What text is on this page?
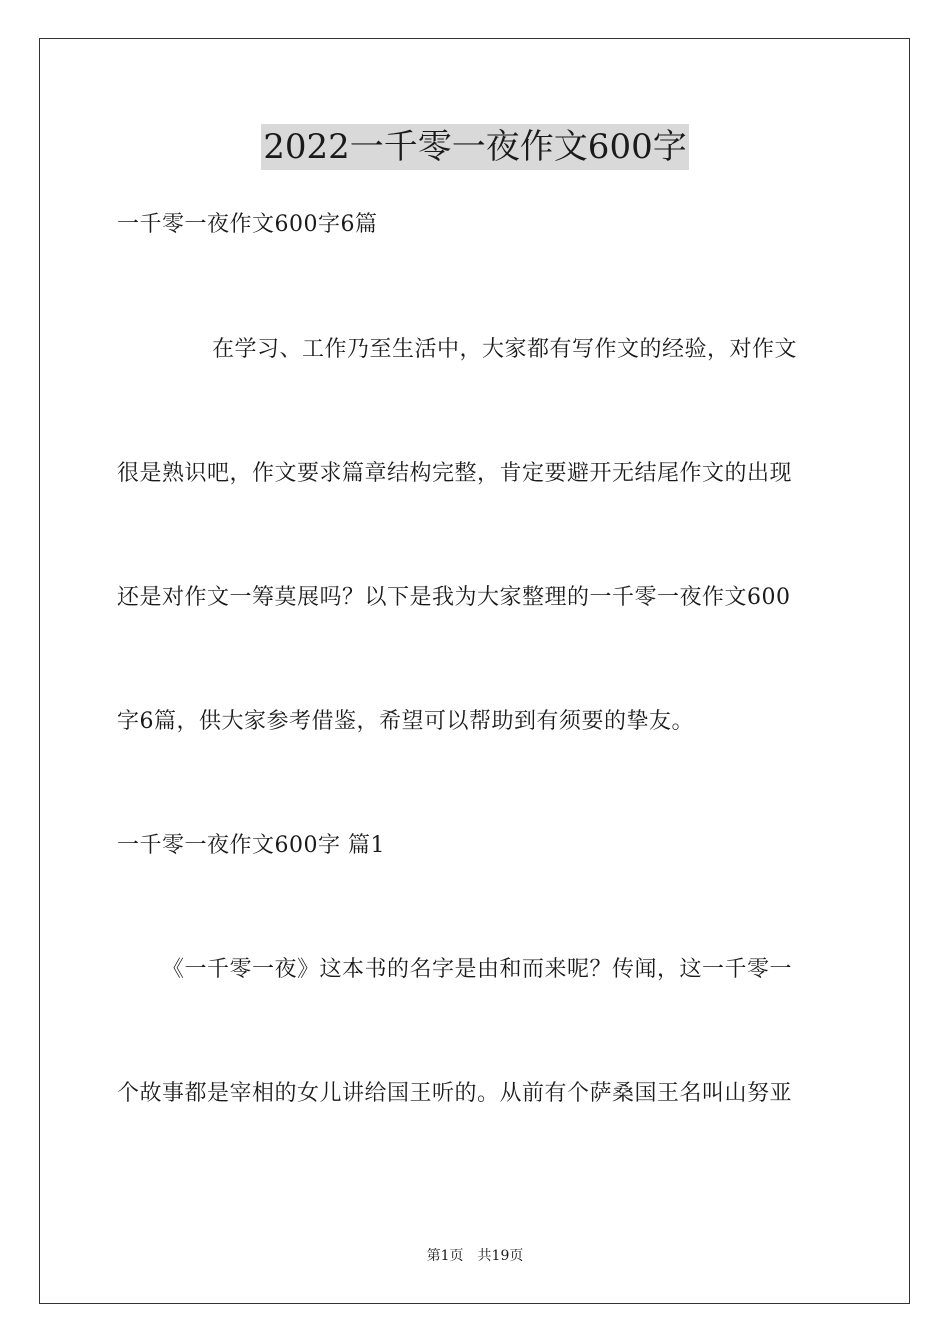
2022一千零一夜作文600字
一千零一夜作文600字6篇
在学习、工作乃至生活中，大家都有写作文的经验，对作文
很是熟识吧，作文要求篇章结构完整，肯定要避开无结尾作文的出现
还是对作文一筹莫展吗？以下是我为大家整理的一千零一夜作文600
字6篇，供大家参考借鉴，希望可以帮助到有须要的挚友。
一千零一夜作文600字 篇1
《一千零一夜》这本书的名字是由和而来呢？传闻，这一千零一
个故事都是宰相的女儿讲给国王听的。从前有个萨桑国王名叫山努亚
第1页 共19页
